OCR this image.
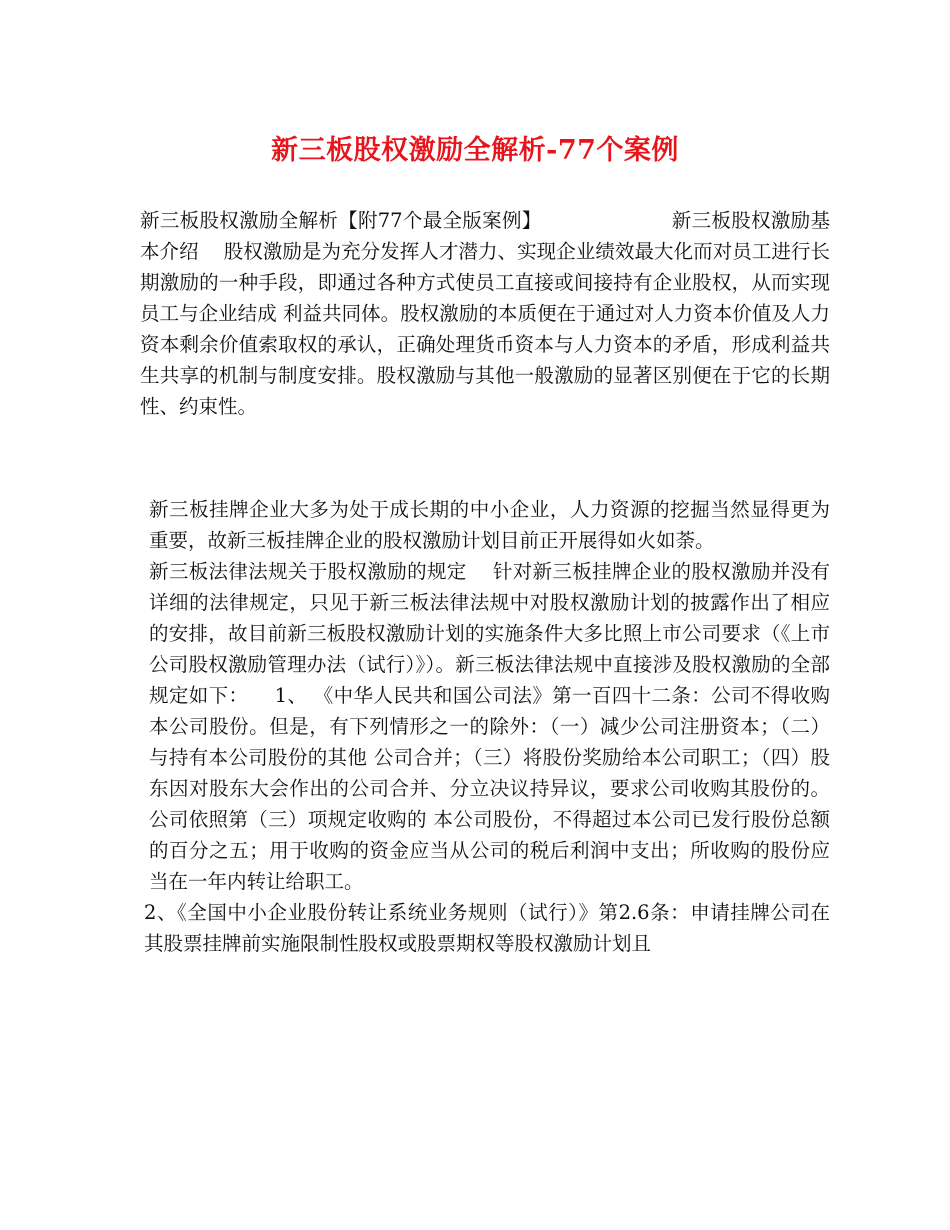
新三板股权激励全解析-77个案例

新三板股权激励全解析【附77个最全版案例】                    新三板股权激励基本介绍    股权激励是为充分发挥人才潜力、实现企业绩效最大化而对员工进行长期激励的一种手段，即通过各种方式使员工直接或间接持有企业股权，从而实现员工与企业结成 利益共同体。股权激励的本质便在于通过对人力资本价值及人力资本剩余价值索取权的承认，正确处理货币资本与人力资本的矛盾，形成利益共生共享的机制与制度安排。股权激励与其他一般激励的显著区别便在于它的长期性、约束性。

新三板挂牌企业大多为处于成长期的中小企业，人力资源的挖掘当然显得更为重要，故新三板挂牌企业的股权激励计划目前正开展得如火如荼。

新三板法律法规关于股权激励的规定    针对新三板挂牌企业的股权激励并没有详细的法律规定，只见于新三板法律法规中对股权激励计划的披露作出了相应的安排，故目前新三板股权激励计划的实施条件大多比照上市公司要求（《上市公司股权激励管理办法（试行）》）。新三板法律法规中直接涉及股权激励的全部规定如下：    1、 《中华人民共和国公司法》第一百四十二条：公司不得收购本公司股份。但是，有下列情形之一的除外：（一）减少公司注册资本；（二）与持有本公司股份的其他 公司合并；（三）将股份奖励给本公司职工；（四）股东因对股东大会作出的公司合并、分立决议持异议，要求公司收购其股份的。公司依照第（三）项规定收购的 本公司股份，不得超过本公司已发行股份总额的百分之五；用于收购的资金应当从公司的税后利润中支出；所收购的股份应当在一年内转让给职工。

2、《全国中小企业股份转让系统业务规则（试行）》第2.6条：申请挂牌公司在其股票挂牌前实施限制性股权或股票期权等股权激励计划且
